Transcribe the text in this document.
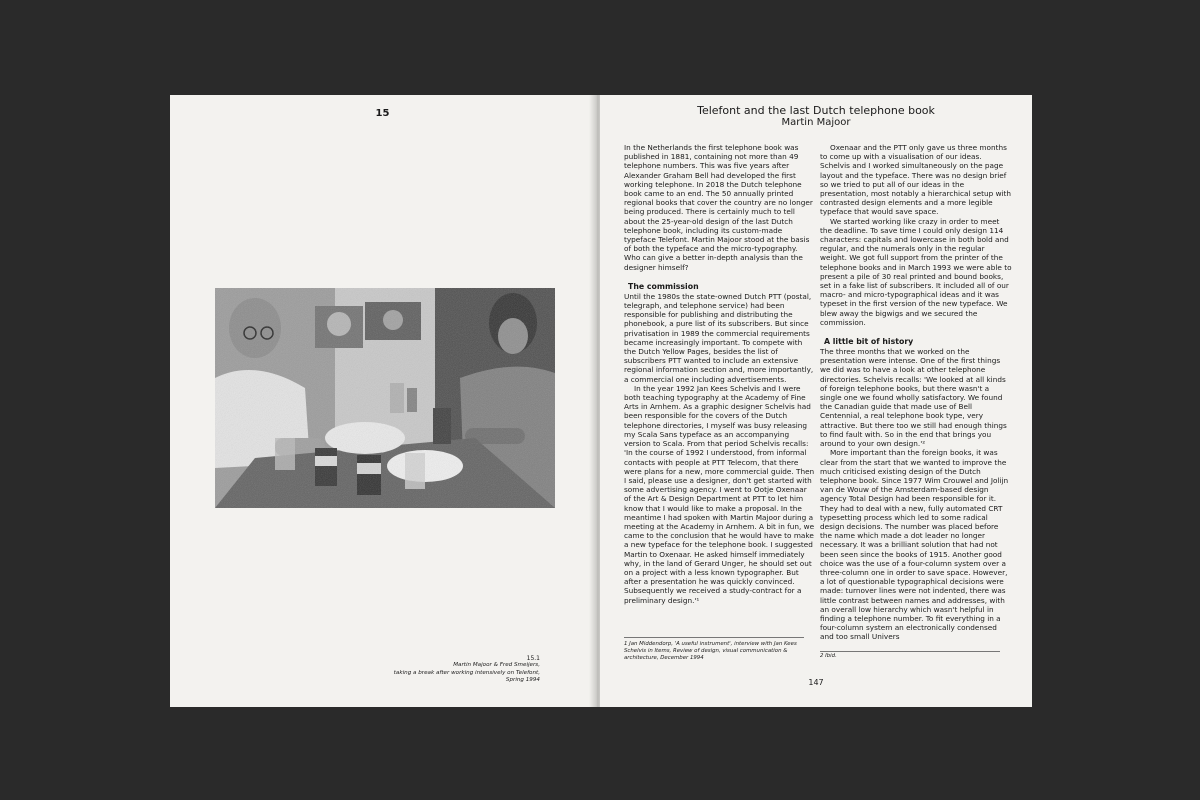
15
15.1
Martin Majoor & Fred Smeijers,
taking a break after working intensively on Telefont,
Spring 1994
Telefont and the last Dutch telephone book
Martin Majoor

In the Netherlands the first telephone book was published in 1881, containing not more than 49 telephone numbers. This was five years after Alexander Graham Bell had developed the first working telephone. In 2018 the Dutch telephone book came to an end. The 50 annually printed regional books that cover the country are no longer being produced. There is certainly much to tell about the 25-year-old design of the last Dutch telephone book, including its custom-made typeface Telefont. Martin Majoor stood at the basis of both the typeface and the micro-typography. Who can give a better in-depth analysis than the designer himself?

The commission

Until the 1980s the state-owned Dutch PTT (postal, telegraph, and telephone service) had been responsible for publishing and distributing the phonebook, a pure list of its subscribers. But since privatisation in 1989 the commercial requirements became increasingly important. To compete with the Dutch Yellow Pages, besides the list of subscribers PTT wanted to include an extensive regional information section and, more importantly, a commercial one including advertisements.

In the year 1992 Jan Kees Schelvis and I were both teaching typography at the Academy of Fine Arts in Arnhem. As a graphic designer Schelvis had been responsible for the covers of the Dutch telephone directories, I myself was busy releasing my Scala Sans typeface as an accompanying version to Scala. From that period Schelvis recalls: 'In the course of 1992 I understood, from informal contacts with people at PTT Telecom, that there were plans for a new, more commercial guide. Then I said, please use a designer, don't get started with some advertising agency. I went to Ootje Oxenaar of the Art & Design Department at PTT to let him know that I would like to make a proposal. In the meantime I had spoken with Martin Majoor during a meeting at the Academy in Arnhem. A bit in fun, we came to the conclusion that he would have to make a new typeface for the telephone book. I suggested Martin to Oxenaar. He asked himself immediately why, in the land of Gerard Unger, he should set out on a project with a less known typographer. But after a presentation he was quickly convinced. Subsequently we received a study-contract for a preliminary design.'¹

Oxenaar and the PTT only gave us three months to come up with a visualisation of our ideas. Schelvis and I worked simultaneously on the page layout and the typeface. There was no design brief so we tried to put all of our ideas in the presentation, most notably a hierarchical setup with contrasted design elements and a more legible typeface that would save space.

We started working like crazy in order to meet the deadline. To save time I could only design 114 characters: capitals and lowercase in both bold and regular, and the numerals only in the regular weight. We got full support from the printer of the telephone books and in March 1993 we were able to present a pile of 30 real printed and bound books, set in a fake list of subscribers. It included all of our macro- and micro-typographical ideas and it was typeset in the first version of the new typeface. We blew away the bigwigs and we secured the commission.

A little bit of history

The three months that we worked on the presentation were intense. One of the first things we did was to have a look at other telephone directories. Schelvis recalls: 'We looked at all kinds of foreign telephone books, but there wasn't a single one we found wholly satisfactory. We found the Canadian guide that made use of Bell Centennial, a real telephone book type, very attractive. But there too we still had enough things to find fault with. So in the end that brings you around to your own design.'²

More important than the foreign books, it was clear from the start that we wanted to improve the much criticised existing design of the Dutch telephone book. Since 1977 Wim Crouwel and Jolijn van de Wouw of the Amsterdam-based design agency Total Design had been responsible for it. They had to deal with a new, fully automated CRT typesetting process which led to some radical design decisions. The number was placed before the name which made a dot leader no longer necessary. It was a brilliant solution that had not been seen since the books of 1915. Another good choice was the use of a four-column system over a three-column one in order to save space. However, a lot of questionable typographical decisions were made: turnover lines were not indented, there was little contrast between names and addresses, with an overall low hierarchy which wasn't helpful in finding a telephone number. To fit everything in a four-column system an electronically condensed and too small Univers

1 Jan Middendorp, 'A useful instrument', interview with Jan Kees Schelvis in Items, Review of design, visual communication & architecture, December 1994	2 Ibid.
147
